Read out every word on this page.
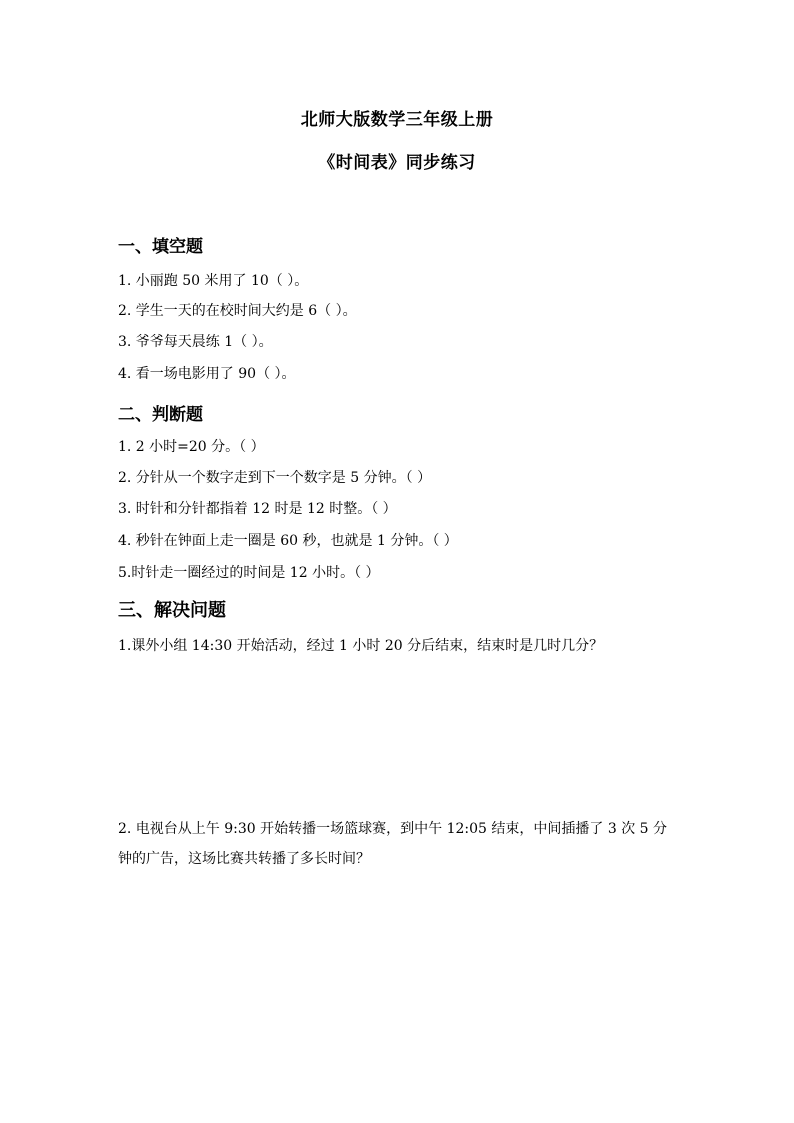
北师大版数学三年级上册
《时间表》同步练习
一、填空题
1. 小丽跑 50 米用了 10（ ）。
2. 学生一天的在校时间大约是 6（ ）。
3. 爷爷每天晨练 1（ ）。
4. 看一场电影用了 90（ ）。
二、判断题
1. 2 小时=20 分。（ ）
2. 分针从一个数字走到下一个数字是 5 分钟。（ ）
3. 时针和分针都指着 12 时是 12 时整。（ ）
4. 秒针在钟面上走一圈是 60 秒，也就是 1 分钟。（ ）
5.时针走一圈经过的时间是 12 小时。（ ）
三、解决问题
1.课外小组 14:30 开始活动，经过 1 小时 20 分后结束，结束时是几时几分？
2. 电视台从上午 9:30 开始转播一场篮球赛，到中午 12:05 结束，中间插播了 3 次 5 分钟的广告，这场比赛共转播了多长时间？
